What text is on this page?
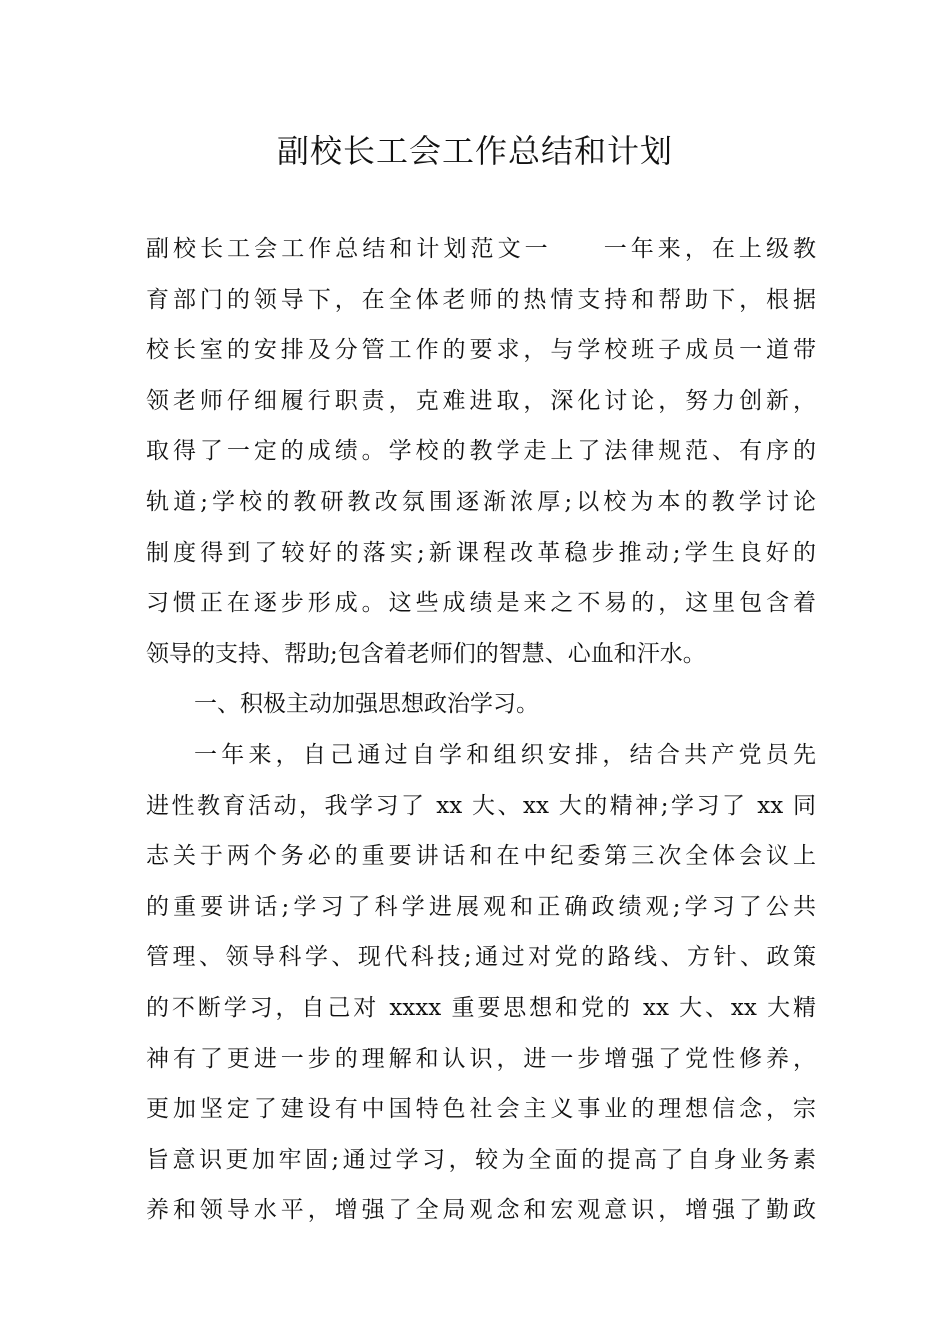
副校长工会工作总结和计划
副校长工会工作总结和计划范文一 一年来，在上级教
育部门的领导下，在全体老师的热情支持和帮助下，根据
校长室的安排及分管工作的要求，与学校班子成员一道带
领老师仔细履行职责，克难进取，深化讨论，努力创新，
取得了一定的成绩。学校的教学走上了法律规范、有序的
轨道;学校的教研教改氛围逐渐浓厚;以校为本的教学讨论
制度得到了较好的落实;新课程改革稳步推动;学生良好的
习惯正在逐步形成。这些成绩是来之不易的，这里包含着
领导的支持、帮助;包含着老师们的智慧、心血和汗水。
一、积极主动加强思想政治学习。
一年来，自己通过自学和组织安排，结合共产党员先
进性教育活动，我学习了 xx 大、xx 大的精神;学习了 xx 同
志关于两个务必的重要讲话和在中纪委第三次全体会议上
的重要讲话;学习了科学进展观和正确政绩观;学习了公共
管理、领导科学、现代科技;通过对党的路线、方针、政策
的不断学习，自己对 xxxx 重要思想和党的 xx 大、xx 大精
神有了更进一步的理解和认识，进一步增强了党性修养，
更加坚定了建设有中国特色社会主义事业的理想信念，宗
旨意识更加牢固;通过学习，较为全面的提高了自身业务素
养和领导水平，增强了全局观念和宏观意识，增强了勤政
